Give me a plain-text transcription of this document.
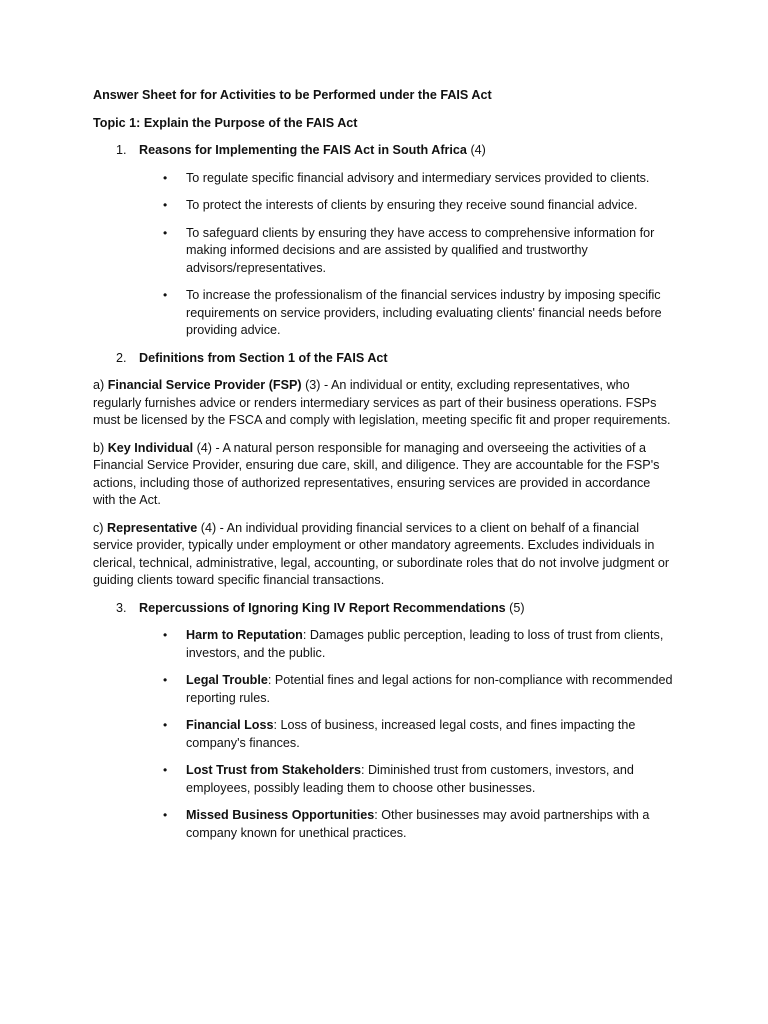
Answer Sheet for for Activities to be Performed under the FAIS Act

Topic 1: Explain the Purpose of the FAIS Act

1. Reasons for Implementing the FAIS Act in South Africa (4)

• To regulate specific financial advisory and intermediary services provided to clients.
• To protect the interests of clients by ensuring they receive sound financial advice.
• To safeguard clients by ensuring they have access to comprehensive information for making informed decisions and are assisted by qualified and trustworthy advisors/representatives.
• To increase the professionalism of the financial services industry by imposing specific requirements on service providers, including evaluating clients' financial needs before providing advice.

2. Definitions from Section 1 of the FAIS Act

a) Financial Service Provider (FSP) (3) - An individual or entity, excluding representatives, who regularly furnishes advice or renders intermediary services as part of their business operations. FSPs must be licensed by the FSCA and comply with legislation, meeting specific fit and proper requirements.

b) Key Individual (4) - A natural person responsible for managing and overseeing the activities of a Financial Service Provider, ensuring due care, skill, and diligence. They are accountable for the FSP's actions, including those of authorized representatives, ensuring services are provided in accordance with the Act.

c) Representative (4) - An individual providing financial services to a client on behalf of a financial service provider, typically under employment or other mandatory agreements. Excludes individuals in clerical, technical, administrative, legal, accounting, or subordinate roles that do not involve judgment or guiding clients toward specific financial transactions.

3. Repercussions of Ignoring King IV Report Recommendations (5)

• Harm to Reputation: Damages public perception, leading to loss of trust from clients, investors, and the public.
• Legal Trouble: Potential fines and legal actions for non-compliance with recommended reporting rules.
• Financial Loss: Loss of business, increased legal costs, and fines impacting the company's finances.
• Lost Trust from Stakeholders: Diminished trust from customers, investors, and employees, possibly leading them to choose other businesses.
• Missed Business Opportunities: Other businesses may avoid partnerships with a company known for unethical practices.
